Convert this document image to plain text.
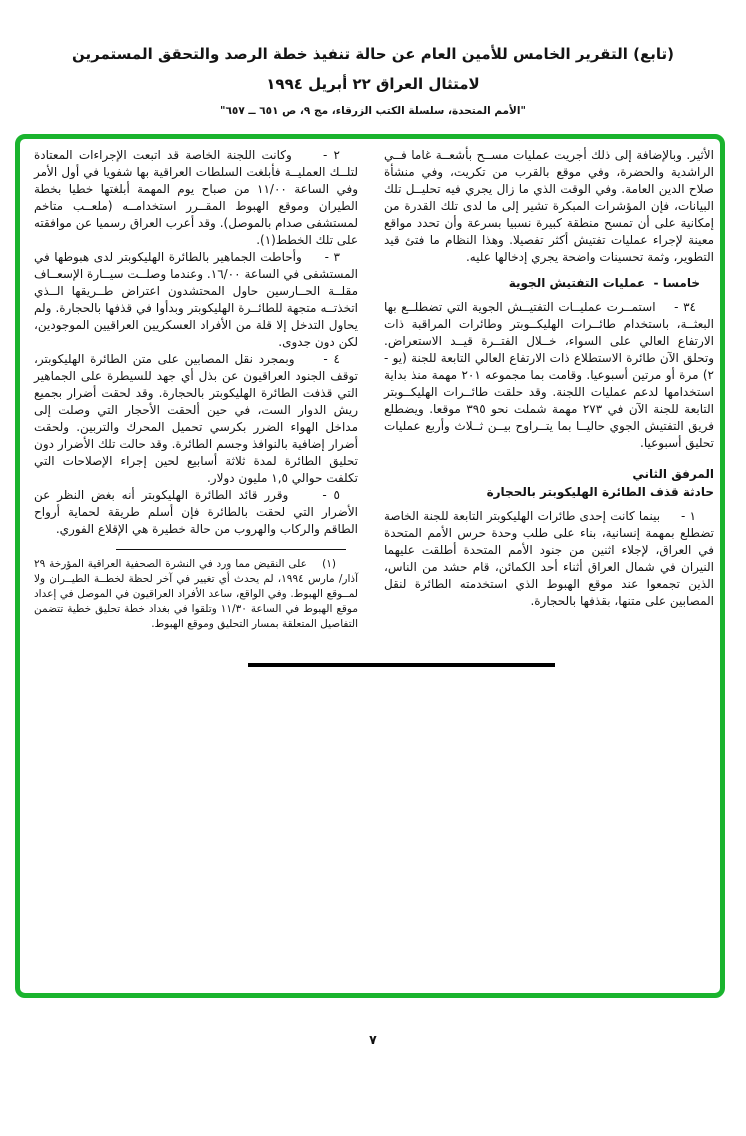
(تابع) التقرير الخامس للأمين العام عن حالة تنفيذ خطة الرصد والتحقق المستمرين
لامتثال العراق ٢٢ أبريل ١٩٩٤
"الأمم المتحدة، سلسلة الكتب الزرقاء، مج ٩، ص ٦٥١ ــ ٦٥٧"

الأثير. وبالإضافة إلى ذلك أجريت عمليات مســح بأشعــة غاما فــي الراشدية والحضرة، وفي موقع بالقرب من تكريت، وفي منشأة صلاح الدين العامة. وفي الوقت الذي ما زال يجري فيه تحليــل تلك البيانات، فإن المؤشرات المبكرة تشير إلى ما لدى تلك القدرة من إمكانية على أن تمسح منطقة كبيرة نسبيا بسرعة وأن تحدد مواقع معينة لإجراء عمليات تفتيش أكثر تفصيلا. وهذا النظام ما فتئ قيد التطوير، وثمة تحسينات واضحة يجري إدخالها عليه.

خامسا -  عمليات التفتيش الجوية

٣٤ -    استمــرت عمليــات التفتيــش الجوية التي تضطلــع بها البعثــة، باستخدام طائــرات الهليكــوبتر وطائرات المراقبة ذات الارتفاع العالي على السواء، خــلال الفتــرة قيــد الاستعراض. وتحلق الآن طائرة الاستطلاع ذات الارتفاع العالي التابعة للجنة (يو - ٢) مرة أو مرتين أسبوعيا. وقامت بما مجموعه ٢٠١ مهمة منذ بداية استخدامها لدعم عمليات اللجنة. وقد حلقت طائــرات الهليكــوبتر التابعة للجنة الآن في ٢٧٣ مهمة شملت نحو ٣٩٥ موقعا. ويضطلع فريق التفتيش الجوي حاليــا بما يتــراوح بيــن ثــلاث وأربع عمليات تحليق أسبوعيا.

المرفق الثاني

حادثة قذف الطائرة الهليكوبتر بالحجارة

١ -     بينما كانت إحدى طائرات الهليكوبتر التابعة للجنة الخاصة تضطلع بمهمة إنسانية، بناء على طلب وحدة حرس الأمم المتحدة في العراق، لإجلاء اثنين من جنود الأمم المتحدة أطلقت عليهما النيران في شمال العراق أثناء أحد الكمائن، قام حشد من الناس، الذين تجمعوا عند موقع الهبوط الذي استخدمته الطائرة لنقل المصابين على متنها، بقذفها بالحجارة.

٢ -     وكانت اللجنة الخاصة قد اتبعت الإجراءات المعتادة لتلــك العمليــة فأبلغت السلطات العراقية بها شفويا في أول الأمر وفي الساعة ١١/٠٠ من صباح يوم المهمة أبلغتها خطيا بخطة الطيران وموقع الهبوط المقــرر استخدامــه (ملعــب متاخم لمستشفى صدام بالموصل). وقد أعرب العراق رسميا عن موافقته على تلك الخطط(١).

٣ -     وأحاطت الجماهير بالطائرة الهليكوبتر لدى هبوطها في المستشفى في الساعة ١٦/٠٠. وعندما وصلــت سيــارة الإسعــاف مقلــة الحــارسين حاول المحتشدون اعتراض طــريقها الــذي اتخذتــه متجهة للطائــرة الهليكوبتر وبدأوا في قذفها بالحجارة. ولم يحاول التدخل إلا قلة من الأفراد العسكريين العراقيين الموجودين، لكن دون جدوى.

٤ -     وبمجرد نقل المصابين على متن الطائرة الهليكوبتر، توقف الجنود العراقيون عن بذل أي جهد للسيطرة على الجماهير التي قذفت الطائرة الهليكوبتر بالحجارة. وقد لحقت أضرار بجميع ريش الدوار الست، في حين ألحقت الأحجار التي وصلت إلى مداخل الهواء الضرر بكرسي تحميل المحرك والتربين. ولحقت أضرار إضافية بالنوافذ وجسم الطائرة. وقد حالت تلك الأضرار دون تحليق الطائرة لمدة ثلاثة أسابيع لحين إجراء الإصلاحات التي تكلفت حوالي ١,٥ مليون دولار.

٥ -     وقرر قائد الطائرة الهليكوبتر أنه بغض النظر عن الأضرار التي لحقت بالطائرة فإن أسلم طريقة لحماية أرواح الطاقم والركاب والهروب من حالة خطيرة هي الإقلاع الفوري.

(١)    على النقيض مما ورد في النشرة الصحفية العراقية المؤرخة ٢٩ آذار/ مارس ١٩٩٤، لم يحدث أي تغيير في آخر لحظة لخطــة الطيــران ولا لمــوقع الهبوط. وفي الواقع، ساعد الأفراد العراقيون في الموصل في إعداد موقع الهبوط في الساعة ١١/٣٠ وتلقوا في بغداد خطة تحليق خطية تتضمن التفاصيل المتعلقة بمسار التحليق وموقع الهبوط.

٧
